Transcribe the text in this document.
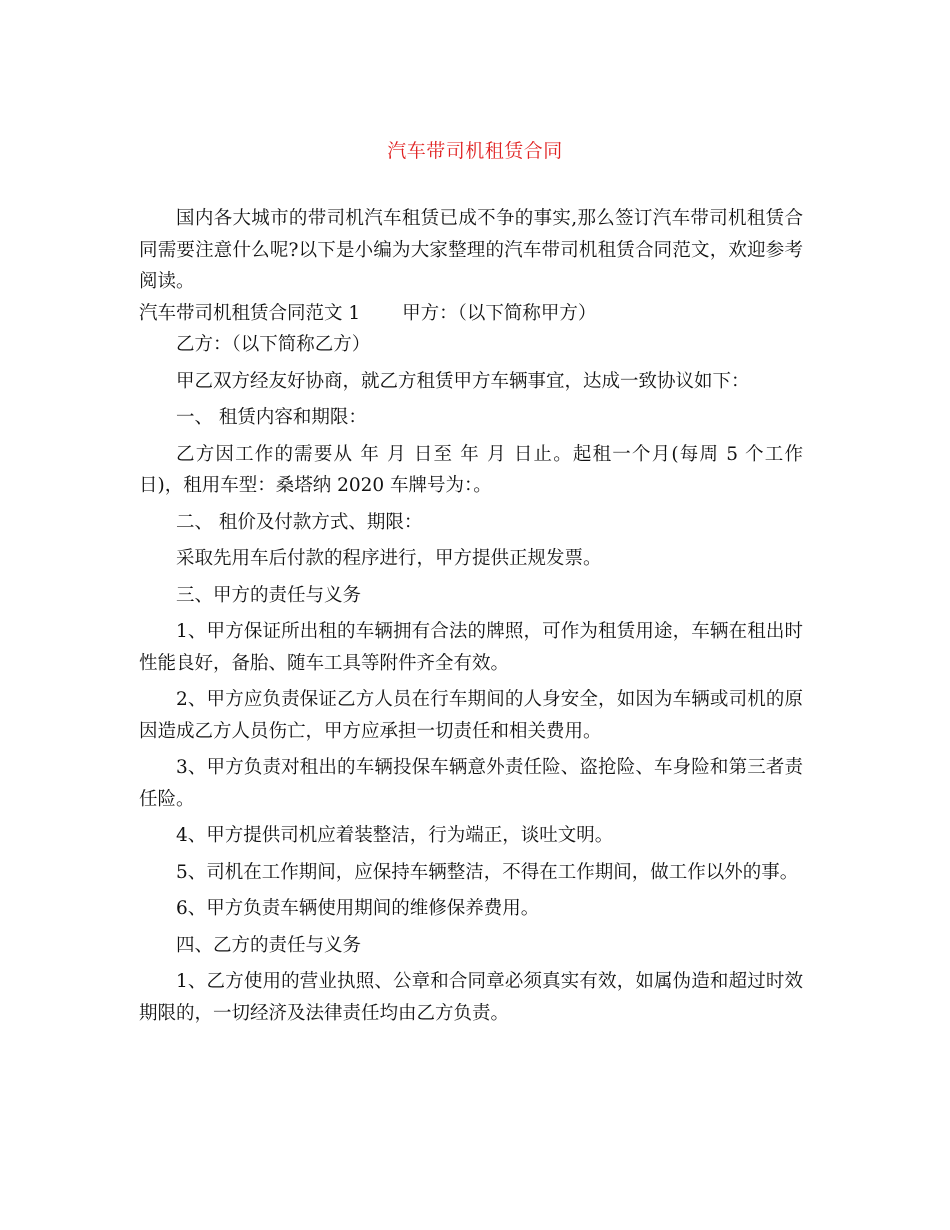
汽车带司机租赁合同

国内各大城市的带司机汽车租赁已成不争的事实,那么签订汽车带司机租赁合同需要注意什么呢?以下是小编为大家整理的汽车带司机租赁合同范文，欢迎参考阅读。

汽车带司机租赁合同范文 1 甲方：（以下简称甲方）

乙方：（以下简称乙方）

甲乙双方经友好协商，就乙方租赁甲方车辆事宜，达成一致协议如下：

一、 租赁内容和期限：

乙方因工作的需要从 年 月 日至 年 月 日止。起租一个月(每周 5 个工作日)，租用车型：桑塔纳 2020 车牌号为：。

二、 租价及付款方式、期限：

采取先用车后付款的程序进行，甲方提供正规发票。

三、甲方的责任与义务

1、甲方保证所出租的车辆拥有合法的牌照，可作为租赁用途，车辆在租出时性能良好，备胎、随车工具等附件齐全有效。

2、甲方应负责保证乙方人员在行车期间的人身安全，如因为车辆或司机的原因造成乙方人员伤亡，甲方应承担一切责任和相关费用。

3、甲方负责对租出的车辆投保车辆意外责任险、盗抢险、车身险和第三者责任险。

4、甲方提供司机应着装整洁，行为端正，谈吐文明。

5、司机在工作期间，应保持车辆整洁，不得在工作期间，做工作以外的事。

6、甲方负责车辆使用期间的维修保养费用。

四、乙方的责任与义务

1、乙方使用的营业执照、公章和合同章必须真实有效，如属伪造和超过时效期限的，一切经济及法律责任均由乙方负责。
